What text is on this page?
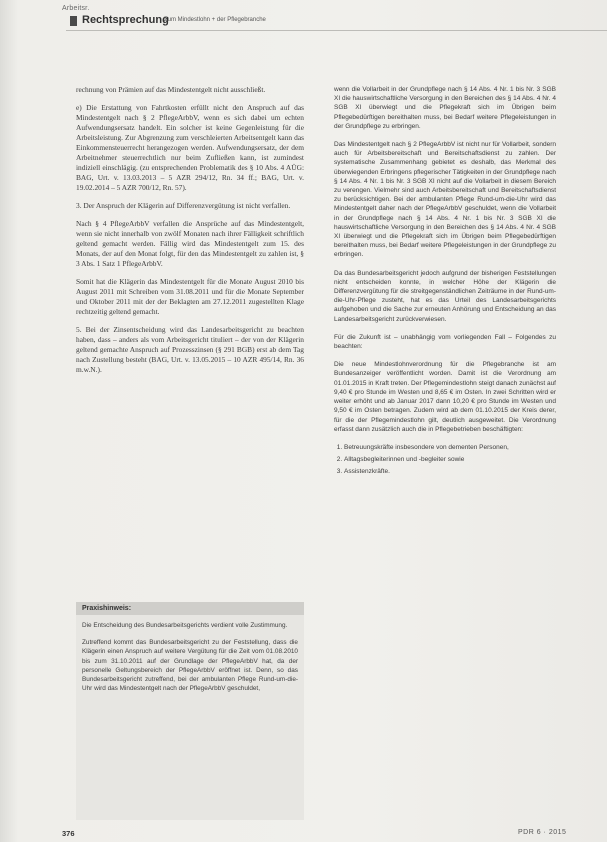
Arbeitsr.
Rechtsprechung
Zum Mindestlohn + der Pflegebranche

rechnung von Prämien auf das Mindestentgelt nicht ausschließt.

e) Die Erstattung von Fahrtkosten erfüllt nicht den Anspruch auf das Mindestentgelt nach § 2 PflegeArbbV, wenn es sich dabei um echten Aufwendungsersatz handelt. Ein solcher ist keine Gegenleistung für die Arbeitsleistung. Zur Abgrenzung zum verschleierten Arbeitsentgelt kann das Einkommensteuerrecht herangezogen werden. Aufwendungsersatz, der dem Arbeitnehmer steuerrechtlich nur beim Zufließen kann, ist zumindest indiziell einschlägig. (zu entsprechenden Problematik des § 10 Abs. 4 AÜG: BAG, Urt. v. 13.03.2013 – 5 AZR 294/12, Rn. 34 ff.; BAG, Urt. v. 19.02.2014 – 5 AZR 700/12, Rn. 57).

3. Der Anspruch der Klägerin auf Differenzvergütung ist nicht verfallen.

Nach § 4 PflegeArbbV verfallen die Ansprüche auf das Mindestentgelt, wenn sie nicht innerhalb von zwölf Monaten nach ihrer Fälligkeit schriftlich geltend gemacht werden. Fällig wird das Mindestentgelt zum 15. des Monats, der auf den Monat folgt, für den das Mindestentgelt zu zahlen ist, § 3 Abs. 1 Satz 1 PflegeArbbV.

Somit hat die Klägerin das Mindestentgelt für die Monate August 2010 bis August 2011 mit Schreiben vom 31.08.2011 und für die Monate September und Oktober 2011 mit der der Beklagten am 27.12.2011 zugestellten Klage rechtzeitig geltend gemacht.

5. Bei der Zinsentscheidung wird das Landesarbeitsgericht zu beachten haben, dass – anders als vom Arbeitsgericht tituliert – der von der Klägerin geltend gemachte Anspruch auf Prozesszinsen (§ 291 BGB) erst ab dem Tag nach Zustellung besteht (BAG, Urt. v. 13.05.2015 – 10 AZR 495/14, Rn. 36 m.w.N.).

Praxishinweis:

Die Entscheidung des Bundesarbeitsgerichts verdient volle Zustimmung.

Zutreffend kommt das Bundesarbeitsgericht zu der Feststellung, dass die Klägerin einen Anspruch auf weitere Vergütung für die Zeit vom 01.08.2010 bis zum 31.10.2011 auf der Grundlage der PflegeArbbV hat, da der personelle Geltungsbereich der PflegeArbbV eröffnet ist. Denn, so das Bundesarbeitsgericht zutreffend, bei der ambulanten Pflege Rund-um-die-Uhr wird das Mindestentgelt nach der PflegeArbbV geschuldet,

wenn die Vollarbeit in der Grundpflege nach § 14 Abs. 4 Nr. 1 bis Nr. 3 SGB XI die hauswirtschaftliche Versorgung in den Bereichen des § 14 Abs. 4 Nr. 4 SGB XI überwiegt und die Pflegekraft sich im Übrigen beim Pflegebedürftigen bereithalten muss, bei Bedarf weitere Pflegeleistungen in der Grundpflege zu erbringen.

Das Mindestentgelt nach § 2 PflegeArbbV ist nicht nur für Vollarbeit, sondern auch für Arbeitsbereitschaft und Bereitschaftsdienst zu zahlen. Der systematische Zusammenhang gebietet es deshalb, das Merkmal des überwiegenden Erbringens pflegerischer Tätigkeiten in der Grundpflege nach § 14 Abs. 4 Nr. 1 bis Nr. 3 SGB XI nicht auf die Vollarbeit in diesem Bereich zu verengen. Vielmehr sind auch Arbeitsbereitschaft und Bereitschaftsdienst zu berücksichtigen. Bei der ambulanten Pflege Rund-um-die-Uhr wird das Mindestentgelt daher nach der PflegeArbbV geschuldet, wenn die Vollarbeit in der Grundpflege nach § 14 Abs. 4 Nr. 1 bis Nr. 3 SGB XI die hauswirtschaftliche Versorgung in den Bereichen des § 14 Abs. 4 Nr. 4 SGB XI überwiegt und die Pflegekraft sich im Übrigen beim Pflegebedürftigen bereithalten muss, bei Bedarf weitere Pflegeleistungen in der Grundpflege zu erbringen.

Da das Bundesarbeitsgericht jedoch aufgrund der bisherigen Feststellungen nicht entscheiden konnte, in welcher Höhe der Klägerin die Differenzvergütung für die streitgegenständlichen Zeiträume in der Rund-um-die-Uhr-Pflege zusteht, hat es das Urteil des Landesarbeitsgerichts aufgehoben und die Sache zur erneuten Anhörung und Entscheidung an das Landesarbeitsgericht zurückverwiesen.

Für die Zukunft ist – unabhängig vom vorliegenden Fall – Folgendes zu beachten:

Die neue Mindestlohnverordnung für die Pflegebranche ist am Bundesanzeiger veröffentlicht worden. Damit ist die Verordnung am 01.01.2015 in Kraft treten. Der Pflegemindestlohn steigt danach zunächst auf 9,40 € pro Stunde im Westen und 8,65 € im Osten. In zwei Schritten wird er weiter erhöht und ab Januar 2017 dann 10,20 € pro Stunde im Westen und 9,50 € im Osten betragen. Zudem wird ab dem 01.10.2015 der Kreis derer, für die der Pflegemindestlohn gilt, deutlich ausgeweitet. Die Verordnung erfasst dann zusätzlich auch die in Pflegebetrieben beschäftigten:

1. Betreuungskräfte insbesondere von dementen Personen,
2. Alltagsbegleiterinnen und -begleiter sowie
3. Assistenzkräfte.
376	PDR 6 · 2015
